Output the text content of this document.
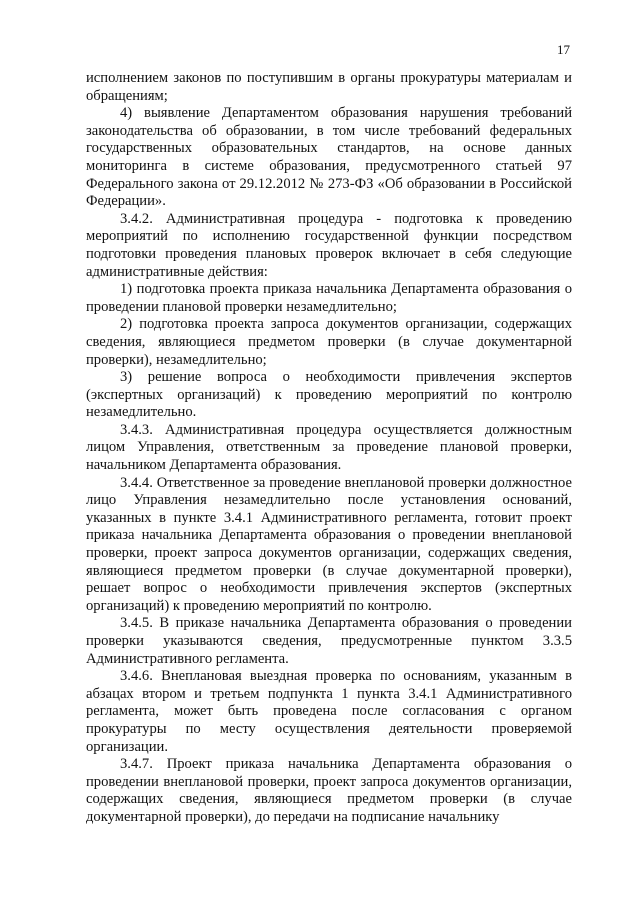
17

исполнением законов по поступившим в органы прокуратуры материалам и обращениям;

4) выявление Департаментом образования нарушения требований законодательства об образовании, в том числе требований федеральных государственных образовательных стандартов, на основе данных мониторинга в системе образования, предусмотренного статьей 97 Федерального закона от 29.12.2012 № 273-ФЗ «Об образовании в Российской Федерации».

3.4.2. Административная процедура - подготовка к проведению мероприятий по исполнению государственной функции посредством подготовки проведения плановых проверок включает в себя следующие административные действия:

1) подготовка проекта приказа начальника Департамента образования о проведении плановой проверки незамедлительно;

2) подготовка проекта запроса документов организации, содержащих сведения, являющиеся предметом проверки (в случае документарной проверки), незамедлительно;

3) решение вопроса о необходимости привлечения экспертов (экспертных организаций) к проведению мероприятий по контролю незамедлительно.

3.4.3. Административная процедура осуществляется должностным лицом Управления, ответственным за проведение плановой проверки, начальником Департамента образования.

3.4.4. Ответственное за проведение внеплановой проверки должностное лицо Управления незамедлительно после установления оснований, указанных в пункте 3.4.1 Административного регламента, готовит проект приказа начальника Департамента образования о проведении внеплановой проверки, проект запроса документов организации, содержащих сведения, являющиеся предметом проверки (в случае документарной проверки), решает вопрос о необходимости привлечения экспертов (экспертных организаций) к проведению мероприятий по контролю.

3.4.5. В приказе начальника Департамента образования о проведении проверки указываются сведения, предусмотренные пунктом 3.3.5 Административного регламента.

3.4.6. Внеплановая выездная проверка по основаниям, указанным в абзацах втором и третьем подпункта 1 пункта 3.4.1 Административного регламента, может быть проведена после согласования с органом прокуратуры по месту осуществления деятельности проверяемой организации.

3.4.7. Проект приказа начальника Департамента образования о проведении внеплановой проверки, проект запроса документов организации, содержащих сведения, являющиеся предметом проверки (в случае документарной проверки), до передачи на подписание начальнику
